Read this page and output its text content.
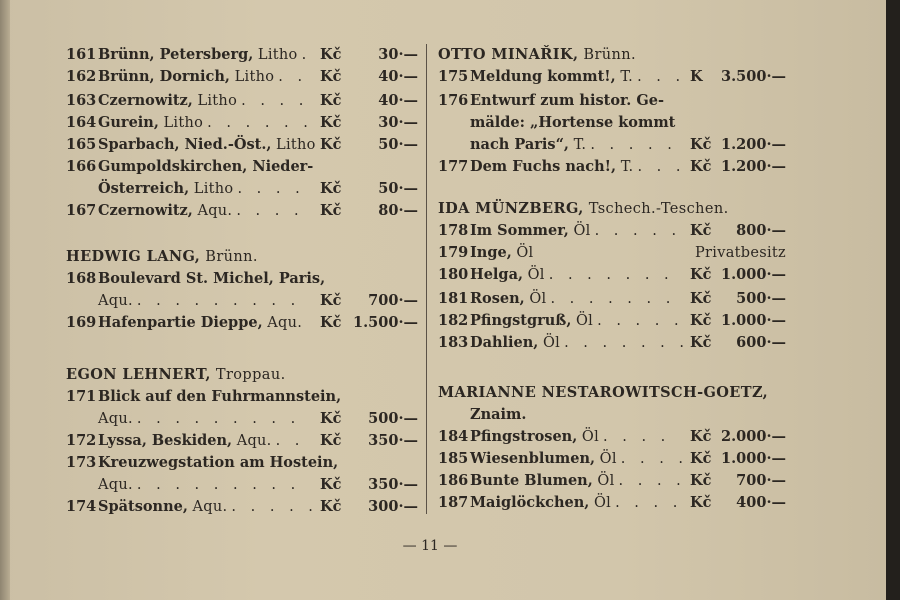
161 Brünn, Petersberg, Litho . Kč	30·—
162 Brünn, Dornich, Litho . . Kč	40·—
163 Czernowitz, Litho . . . . Kč	40·—
164 Gurein, Litho . . . . . . Kč	30·—
165 Sparbach, Nied.-Öst., Litho Kč	50·—
166 Gumpoldskirchen, Nieder-
Österreich, Litho . . . . Kč	50·—
167 Czernowitz, Aqu. . . . . Kč	80·—
HEDWIG LANG, Brünn.
168 Boulevard St. Michel, Paris,
Aqu. . . . . . . . . . Kč	700·—
169 Hafenpartie Dieppe, Aqu. Kč 1.500·—
EGON LEHNERT, Troppau.
171 Blick auf den Fuhrmannstein,
Aqu. . . . . . . . . . Kč	500·—
172 Lyssa, Beskiden, Aqu. . . Kč	350·—
173 Kreuzwegstation am Hostein,
Aqu. . . . . . . . . . Kč	350·—
174 Spätsonne, Aqu. . . . . . Kč	300·—
OTTO MINAŘIK, Brünn.
175 Meldung kommt!, T. . . . K	3.500·—
176 Entwurf zum histor. Ge-
mälde: „Hortense kommt
nach Paris“, T. . . . . . Kč 1.200·—
177 Dem Fuchs nach!, T. . . . Kč 1.200·—
IDA MÜNZBERG, Tschech.-Teschen.
178 Im Sommer, Öl . . . . . Kč	800·—
179 Inge, Öl	Privatbesitz
180 Helga, Öl . . . . . . . Kč 1.000·—
181 Rosen, Öl . . . . . . . Kč	500·—
182 Pfingstgruß, Öl . . . . . Kč 1.000·—
183 Dahlien, Öl . . . . . . . Kč	600·—
MARIANNE NESTAROWITSCH-GOETZ,
Znaim.
184 Pfingstrosen, Öl . . . . Kč 2.000·—
185 Wiesenblumen, Öl . . . . Kč 1.000·—
186 Bunte Blumen, Öl . . . . Kč	700·—
187 Maiglöckchen, Öl . . . . Kč	400·—
— 11 —
